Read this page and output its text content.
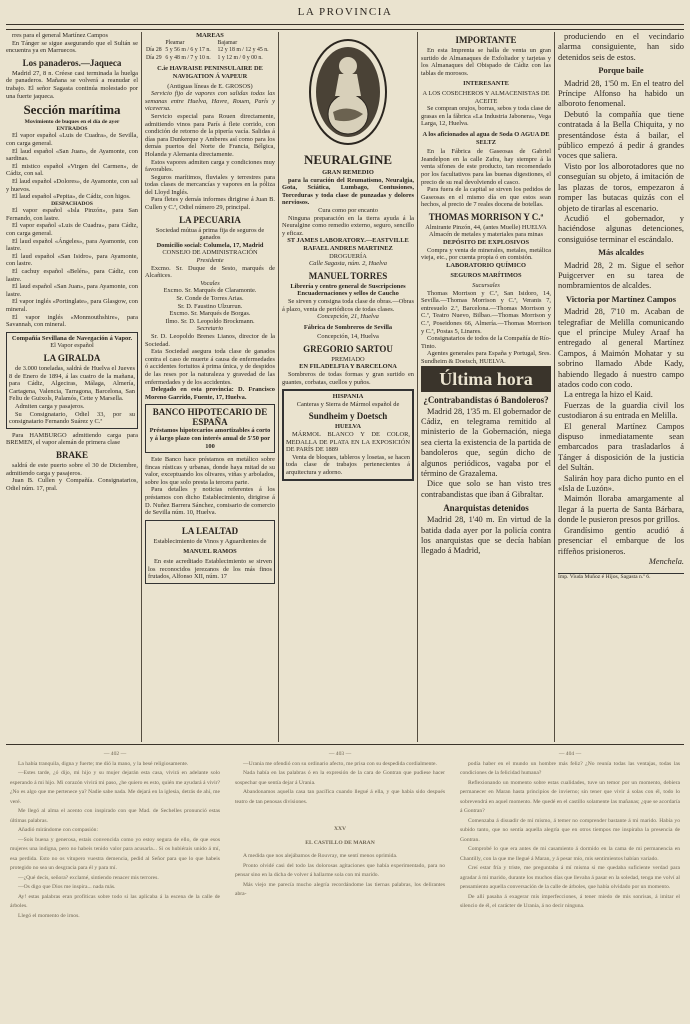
LA PROVINCIA

rres para el general Martínez Campos

En Tánger se sigue asegurando que el Sultán se encuentra ya en Marruecos.

Los panaderos.—Jaqueca

Madrid 27, 8 n. Créese casi terminada la huelga de panaderos. Mañana se volverá a reanudar el trabajo. El señor Sagasta continúa molestado por una fuerte jaqueca.

Sección marítima
Movimiento de buques en el día de ayer
ENTRADOS

El vapor español «Luis de Cuadra», de Sevilla, con carga general.

El laud español «San Juan», de Ayamonte, con sardinas.

El mistico español «Virgen del Carmen», de Cádiz, con sal.

El laud español «Dolores», de Ayamonte, con sal y huevos.

El laud español «Pepita», de Cádiz, con higos.

DESPACHADOS

El vapor español «Isla Pinzón», para San Fernando, con lastre.

El vapor español «Luis de Cuadra», para Cádiz, con carga general.

El laud español «Ángeles», para Ayamonte, con lastre.

El laud español «San Isidro», para Ayamonte, con lastre.

El cachuy español «Belén», para Cádiz, con lastre.

El laud español «San Juan», para Ayamonte, con lastre.

El vapor inglés «Portinglate», para Glasgow, con mineral.

El vapor inglés «Monmouthshire», para Savannah, con mineral.

Compañía Sevillana de Navegación á Vapor.
El Vapor español
LA GIRALDA

de 3.000 toneladas, saldrá de Huelva el Jueves 8 de Enero de 1894, á las cuatro de la mañana, para Cádiz, Algeciras, Málaga, Almería, Cartagena, Valencia, Tarragona, Barcelona, San Feliu de Guixols, Palamós, Cette y Marsella.

Admiten carga y pasajeros.

Su Consignatario, Odiel 33, por su consignatario Fernando Suárez y C.ª

Para HAMBURGO admitiendo carga para BREMEN, el vapor alemán de primera clase

BRAKE

saldrá de este puerto sobre el 30 de Diciembre, admitiendo carga y pasajeros.

Juan B. Cullen y Compañía. Consignatarios, Odiel núm. 17, pral.

MAREAS
	Pleamar	Bajamar
Día 28	5 y 56 m / 6 y 17 n.	12 y 18 m / 12 y 45 n.
Día 29	6 y 48 m / 7 y 10 n.	1 y 12 m / 0 y 00 n.
C.ie HAVRAISE PENINSULAIRE DE NAVIGATION Á VAPEUR
(Antiguas líneas de E. GROSOS)

Servicio fijo de vapores con salidas todas las semanas entre Huelva, Havre, Rouen, París y viceversa.

Servicio especial para Rouen directamente, admitiendo vinos para París á flete corrido, con condición de retorno de la pipería vacía. Salidas á días para Dunkerque y Amberes así como para los demás puertos del Norte de Francia, Bélgica, Holanda y Alemania directamente.

Estos vapores admiten carga y condiciones muy favorables.

Seguros marítimos, fluviales y terrestres para todas clases de mercancías y vapores en la póliza del Lloyd Inglés.

Para fletes y demás informes dirigirse á Juan B. Cullen y C.ª, Odiel número 29, principal.

LA PECUARIA
Sociedad mútua á prima fija de seguros de ganados
Domicilio social: Columela, 17, Madrid
CONSEJO DE ADMINISTRACIÓN
Presidente

Excmo. Sr. Duque de Sesto, marqués de Alcañices.

Vocales
Excmo. Sr. Marqués de Claramonte.
Sr. Conde de Torres Arias.
Sr. D. Faustino Ulzurrun.
Excmo. Sr. Marqués de Borgas.
Ilmo. Sr. D. Leopoldo Brockmann.
Secretario

Sr. D. Leopoldo Brenes Lianos, director de la Sociedad.

Esta Sociedad asegura toda clase de ganados contra el caso de muerte á causa de enfermedades ó accidentes fortuitos á prima única, y de despidos de las reses por la naturaleza y gravedad de las enfermedades y de los accidentes.

Delegado en esta provincia: D. Francisco Moreno Garrido, Fuente, 17, Huelva.

BANCO HIPOTECARIO DE ESPAÑA
Préstamos hipotecarios amortizables á corto y á largo plazo con interés anual de 5'50 por 100

Este Banco hace préstamos en metálico sobre fincas rústicas y urbanas, donde haya mitad de su valor, exceptuando los olivares, viñas y arbolados, sobre los que solo presta la tercera parte.

Para detalles y noticias referentes á los préstamos con dicho Establecimiento, dirigirse á D. Nuñez Barrera Sánchez, comisario de comercio de Sevilla núm. 10, Huelva.

LA LEALTAD
Establecimiento de Vinos y Aguardientes de
MANUEL RAMOS

En este acreditado Establecimiento se sirven los reconocidos jerezanos de los más finos frutados, Alfonso XII, núm. 17

NEURALGINE
GRAN REMEDIO

para la curación del Reumatismo, Neuralgia, Gota, Sciática, Lumbago, Contusiones, Torceduras y toda clase de punzadas y dolores nerviosos.

Cura como por encanto

Ninguna preparación en la tierra ayuda á la Neuralgine como remedio externo, seguro, sencillo y eficaz.

ST JAMES LABORATORY.—EASTVILLE
RAFAEL ANDRES MARTINEZ
DROGUERÍA
Calle Sagasta, núm. 2, Huelva
MANUEL TORRES
Librería y centro general de Suscripciones
Encuadernaciones y sellos de Caucho

Se sirven y consigna toda clase de obras.—Obras á plazo, venta de periódicos de todas clases.

Concepción, 21, Huelva
Fábrica de Sombreros de Sevilla
Concepción, 14, Huelva
GREGORIO SARTOU
PREMIADO
EN FILADELFIA Y BARCELONA

Sombreros de todas formas y gran surtido en guantes, corbatas, cuellos y puños.

HISPANIA
Canteras y Sierra de Mármol español de
Sundheim y Doetsch
HUELVA

MÁRMOL BLANCO Y DE COLOR, MEDALLA DE PLATA EN LA EXPOSICIÓN DE PARÍS DE 1889

Venta de bloques, tableros y losetas, se hacen toda clase de trabajos pertenecientes á arquitectura y adorno.

IMPORTANTE

En esta Imprenta se halla de venta un gran surtido de Almanaques de Exfoliador y tarjetas y los Almanaques del Obispado de Cádiz con las tablas de morosos.

INTERESANTE
A LOS COSECHEROS Y ALMACENISTAS DE ACEITE

Se compran orujos, borras, sebos y toda clase de grasas en la fábrica «La Industria Jabonera», Vega Larga, 12, Huelva.

A los aficionados al agua de Soda O AGUA DE SELTZ

En la Fábrica de Gaseosas de Gabriel Jeandelpon en la calle Zafra, hay siempre á la venta sifones de este producto, tan recomendado por los facultativos para las buenas digestiones, el precio de su real devolviendo el casco.

Para fuera de la capital se sirven los pedidos de Gaseosas en el mismo día en que estos sean hechos, al precio de 7 reales docena de botellas.

THOMAS MORRISON Y C.ª
Almirante Pinzón, 44, (antes Muelle) HUELVA
Almacén de metales y materiales para minas
DEPÓSITO DE EXPLOSIVOS

Compra y venta de minerales, metales, metálica vieja, etc., por cuenta propia ó en comisión.

LABORATORIO QUÍMICO
SEGUROS MARÍTIMOS
Sucursales

Thomas Morrison y C.ª, San Isidoro, 14, Sevilla.—Thomas Morrison y C.ª, Veranis 7, entresuelo 2.ª, Barcelona.—Thomas Morrison y C.ª, Teatro Nuevo, Bilbao.—Thomas Morrison y C.ª, Poseidones 66, Almería.—Thomas Morrison y C.ª, Postas 5, Linares.

Consignatarios de todos de la Compañía de Río-Tinto.

Agentes generales para España y Portugal, Sres. Sundheim & Doetsch, HUELVA.

Última hora
¿Contrabandistas ó Bandoleros?

Madrid 28, 1'35 m. El gobernador de Cádiz, en telegrama remitido al ministerio de la Gobernación, niega sea cierta la existencia de la partida de bandoleros que, según dicho de algunos periódicos, vagaba por el término de Grazalema.

Dice que solo se han visto tres contrabandistas que iban á Gibraltar.

Anarquistas detenidos

Madrid 28, 1'40 m. En virtud de la batida dada ayer por la policía contra los anarquistas que se decía habían llegado á Madrid,

produciendo en el vecindario alarma consiguiente, han sido detenidos seis de estos.

Porque baile

Madrid 28, 1'50 m. En el teatro del Príncipe Alfonso ha habido un alboroto fenomenal.

Debutó la compañía que tiene contratada á la Bella Chiquita, y no presentándose ésta á bailar, el público empezó á pedir á grandes voces que saliera.

Visto por los alborotadores que no conseguían su objeto, á imitación de las plazas de toros, empezaron á romper las butacas quizás con el objeto de tirarlas al escenario.

Acudió el gobernador, y haciéndose algunas detenciones, consiguióse terminar el escándalo.

Más alcaldes

Madrid 28, 2 m. Sigue el señor Puigcerver en su tarea de nombramientos de alcaldes.

Victoria por Martínez Campos

Madrid 28, 7'10 m. Acaban de telegrafiar de Melilla comunicando que el príncipe Muley Araaf ha entregado al general Martínez Campos, á Maimón Mohatar y su sobrino llamado Abde Kady, habiendo llegado á nuestro campo atados codo con codo.

La entrega la hizo el Kaid.

Fuerzas de la guardia civil los custodiaron á su entrada en Melilla.

El general Martínez Campos dispuso inmediatamente sean embarcados para trasladarlos á Tánger á disposición de la justicia del Sultán.

Salirán hoy para dicho punto en el «Isla de Luzón».

Maimón lloraba amargamente al llegar á la puerta de Santa Bárbara, donde le pusieron presos por grillos.

Grandísimo gentío acudió á presenciar el embarque de los riffeños prisioneros.

Menchela.
Imp. Viuda Muñoz é Hijos, Sagasta n.º 6.
— 402 —

La había tranquila, digna y fuerte; me dió la mano, y la besé religiosamente.

—Estes tarde, ¿ó dijo, mi hijo y su mujer dejarán esta casa, vivirá en adelante solo esperando á mi hijo. Mi corazón vivirá mi paso, ¿he quiero es esto, quién me ayudará á vivir? ¿No es algo que me pertenece ya? Nadie sabe nada. Me dejará en la iglesia, detrás de ahí, me veré.

Me llegó al alma el acento con inspirado con que Mad. de Sechelles pronunció estas últimas palabras.

Añadió mirándome con compasión:

—Sois buena y generosa, estais convencida como yo estoy segura de ello, de que esos mujeres una indigna, pero no habeis tenido valor para acusarla... Si os hubiérais unido á mí, esa perdida. Esto no os vitupero vuestra demencia, pedid al Señor para que lo que habeis protegido no sea un desgracia para él y para mí.

—¿Qué decís, señora? exclamé, sintiendo renacer mis terrores.

—Os digo que Dios me inspira... nada más.

Ay! estas palabras eran profíticas sobre todo si las aplicaba á la escena de la calle de árboles.

Llegó el momento de irnos.

— 403 —

—Urania me ofendió con su ordinario afecto, me prisa con su despedida cordialmente.

Nada había en las palabras ó en la expresión de la cara de Gontran que pudiese hacer sospechar que sentía dejar á Urania.

Abandonamos aquella casa tan pacífica cuando llegué á ella, y que había sido después teatro de tan penosas divisiones.

XXV
EL CASTILLO DE MARAN

A medida que nos alejábamos de Rouvray, me sentí menos oprimida.

Pronto olvidé casi del todo las dolorosas agitaciones que había experimentado, para no pensar sino en la dicha de volver á hallarme sola con mi marido.

Más viejo me parecía mucho alegría recordándome las tiernas palabras, los delirantes abra-

— 404 —

podía haber en el mundo un hombre más feliz? ¿No reunía todas las ventajas, todas las condiciones de la felicidad humana?

Reflexionando un momento sobre estas cualidades, tuve un temor por un momento, debiera permanecer en Maran hasta principios de invierno; sin tener que vivir á solas con él, todo lo sobrevendrá en aquel momento. Me quedé en el castillo solamente las mañanas; ¿que se acordaría á Gontran?

Comenzaba á disuadir de mí mismo, á temer no comprender bastante á mi marido. Había yo subido tanto, que no sentía aquella alegría que en otros tiempos me inspiraba la presencia de Gontran.

Comprobé lo que era antes de mi casamiento á dormido en la cama de mi permanencia en Chantilly, con la que me llegué á Maran, y á pesar mío, mis sentimientos habían variado.

Creí estar fría y triste, me preguntaba á mí misma si me quedaba suficiente verdad para agradar á mi marido, durante los muchos días que llevaba á pasar en la soledad, tenga me volví al pensamiento aquella conversación de la calle de árboles, que había olvidado por un momento.

De allí pasaba á exagerar mis imperfecciones, á tener miedo de mis sonrisas, á imitar el silencio de él, el carácter de Urania, á no decir ninguna.
